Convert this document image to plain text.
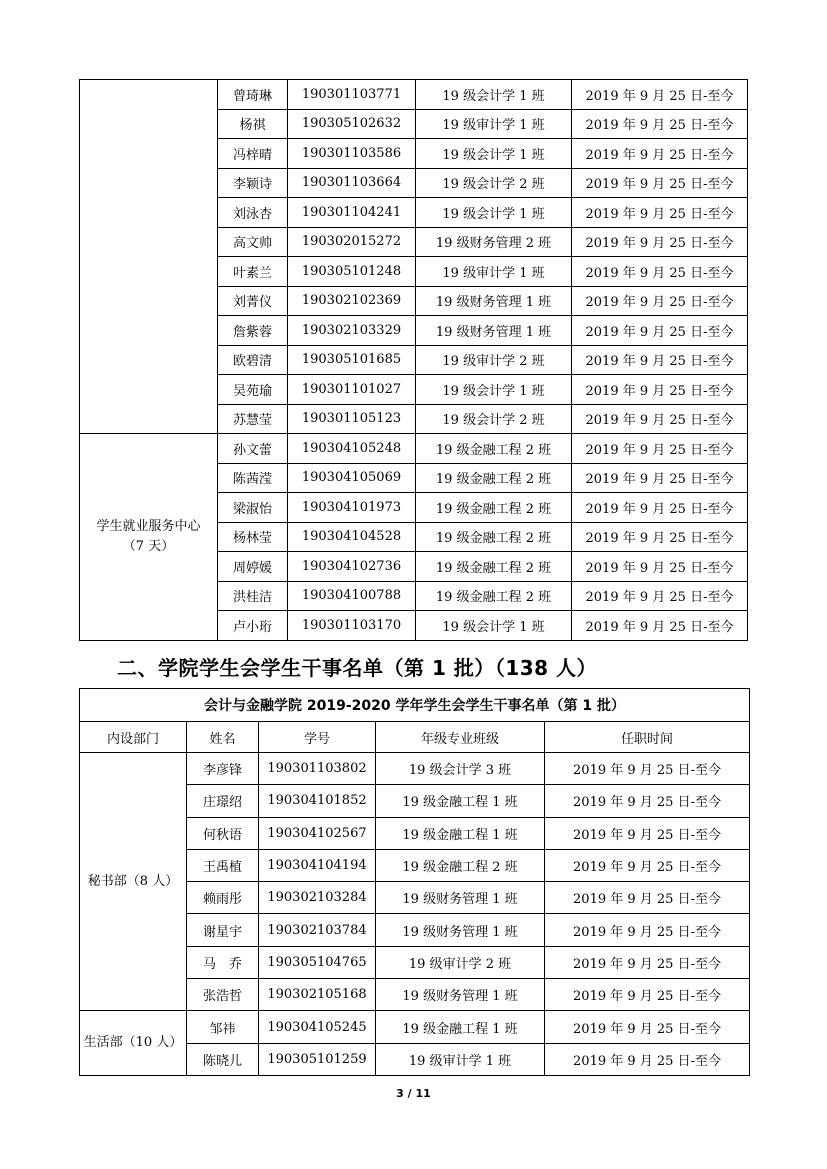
	曾琦琳	190301103771	19 级会计学 1 班	2019 年 9 月 25 日-至今
	杨祺	190305102632	19 级审计学 1 班	2019 年 9 月 25 日-至今
	冯梓晴	190301103586	19 级会计学 1 班	2019 年 9 月 25 日-至今
	李颖诗	190301103664	19 级会计学 2 班	2019 年 9 月 25 日-至今
	刘泳杏	190301104241	19 级会计学 1 班	2019 年 9 月 25 日-至今
	高文帅	190302015272	19 级财务管理 2 班	2019 年 9 月 25 日-至今
	叶素兰	190305101248	19 级审计学 1 班	2019 年 9 月 25 日-至今
	刘菁仪	190302102369	19 级财务管理 1 班	2019 年 9 月 25 日-至今
	詹紫蓉	190302103329	19 级财务管理 1 班	2019 年 9 月 25 日-至今
	欧碧清	190305101685	19 级审计学 2 班	2019 年 9 月 25 日-至今
	吴苑瑜	190301101027	19 级会计学 1 班	2019 年 9 月 25 日-至今
	苏慧莹	190301105123	19 级会计学 2 班	2019 年 9 月 25 日-至今
学生就业服务中心
（7 天）	孙文蕾	190304105248	19 级金融工程 2 班	2019 年 9 月 25 日-至今
	陈茜滢	190304105069	19 级金融工程 2 班	2019 年 9 月 25 日-至今
	梁淑怡	190304101973	19 级金融工程 2 班	2019 年 9 月 25 日-至今
	杨林莹	190304104528	19 级金融工程 2 班	2019 年 9 月 25 日-至今
	周婷媛	190304102736	19 级金融工程 2 班	2019 年 9 月 25 日-至今
	洪桂洁	190304100788	19 级金融工程 2 班	2019 年 9 月 25 日-至今
	卢小珩	190301103170	19 级会计学 1 班	2019 年 9 月 25 日-至今
二、学院学生会学生干事名单（第 1 批）（138 人）
会计与金融学院 2019-2020 学年学生会学生干事名单（第 1 批）				
内设部门	姓名	学号	年级专业班级	任职时间
秘书部（8 人）	李彦锋	190301103802	19 级会计学 3 班	2019 年 9 月 25 日-至今
	庄璟绍	190304101852	19 级金融工程 1 班	2019 年 9 月 25 日-至今
	何秋语	190304102567	19 级金融工程 1 班	2019 年 9 月 25 日-至今
	王禹植	190304104194	19 级金融工程 2 班	2019 年 9 月 25 日-至今
	赖雨彤	190302103284	19 级财务管理 1 班	2019 年 9 月 25 日-至今
	谢星宇	190302103784	19 级财务管理 1 班	2019 年 9 月 25 日-至今
	马　乔	190305104765	19 级审计学 2 班	2019 年 9 月 25 日-至今
	张浩哲	190302105168	19 级财务管理 1 班	2019 年 9 月 25 日-至今
生活部（10 人）	邹祎	190304105245	19 级金融工程 1 班	2019 年 9 月 25 日-至今
	陈晓儿	190305101259	19 级审计学 1 班	2019 年 9 月 25 日-至今
3 / 11
